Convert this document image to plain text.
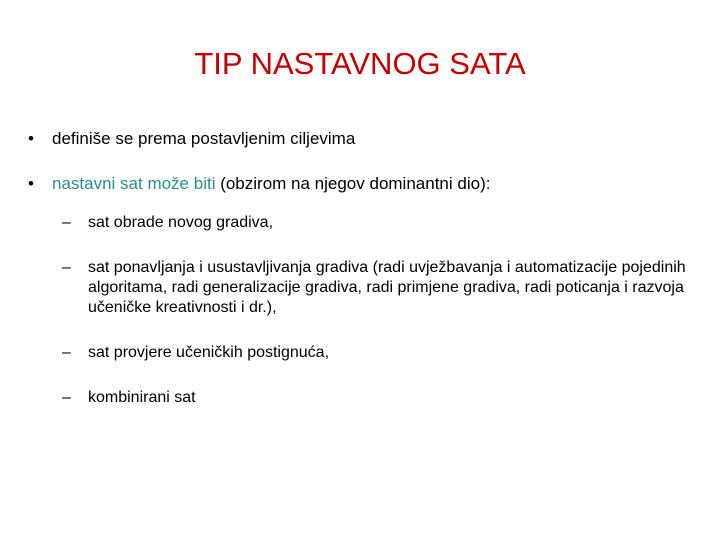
TIP NASTAVNOG SATA
• definiše se prema postavljenim ciljevima
• nastavni sat može biti (obzirom na njegov dominantni dio):
– sat obrade novog gradiva,
– sat ponavljanja i usustavljivanja gradiva (radi uvježbavanja i automatizacije pojedinih algoritama, radi generalizacije gradiva, radi primjene gradiva, radi poticanja i razvoja učeničke kreativnosti i dr.),
– sat provjere učeničkih postignuća,
– kombinirani sat
